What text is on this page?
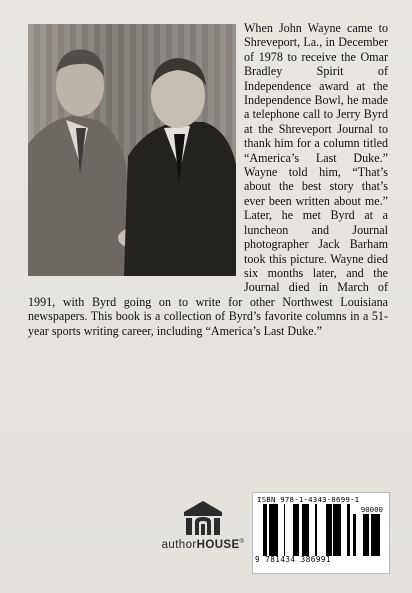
When John Wayne came to Shreveport, La., in December of 1978 to receive the Omar Bradley Spirit of Independence award at the Independence Bowl, he made a telephone call to Jerry Byrd at the Shreveport Journal to thank him for a column titled “America’s Last Duke.” Wayne told him, “That’s about the best story that’s ever been written about me.” Later, he met Byrd at a luncheon and Journal photographer Jack Barham took this picture. Wayne died six months later, and the Journal died in March of 1991, with Byrd going on to write for other Northwest Louisiana newspapers. This book is a collection of Byrd’s favorite columns in a 51-year sports writing career, including “America’s Last Duke.”

authorHOUSE®
ISBN 978-1-4343-8699-1
90000
9 781434 386991
